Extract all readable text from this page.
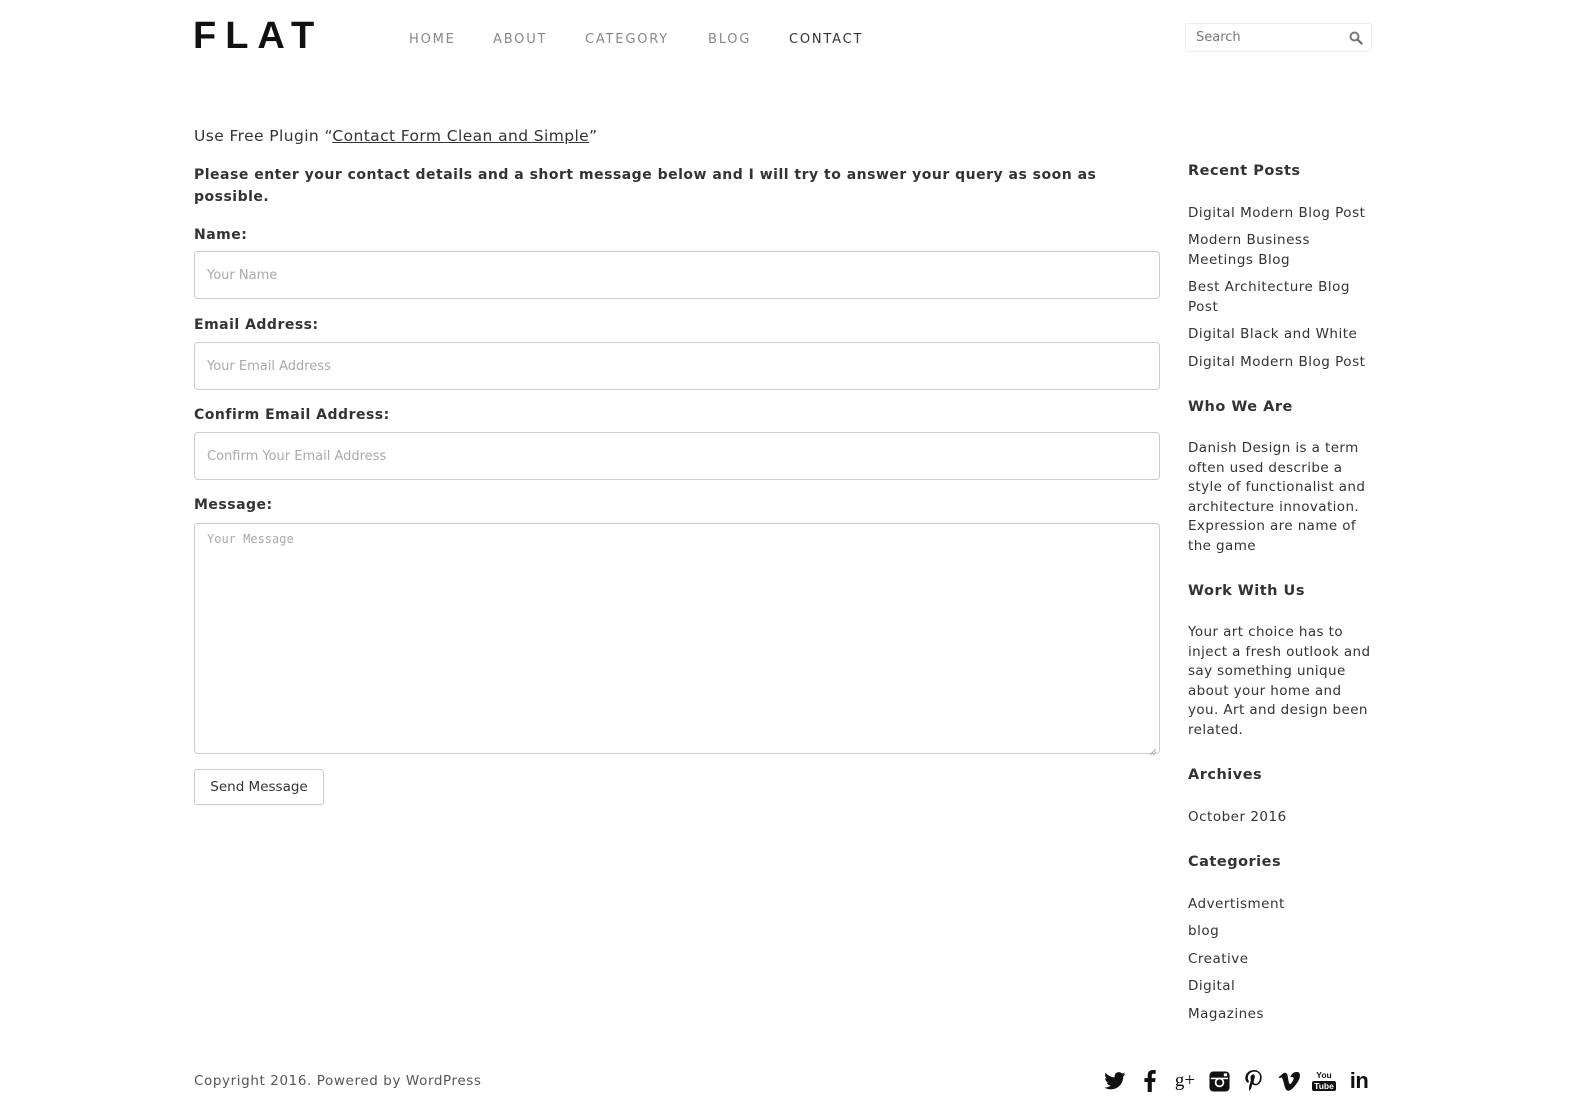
FLAT	HOME	ABOUT	CATEGORY	BLOG	CONTACT
Search
Use Free Plugin “Contact Form Clean and Simple”
Please enter your contact details and a short message below and I will try to answer your query as soon as possible.
Name:
Your Name
Email Address:
Your Email Address
Confirm Email Address:
Confirm Your Email Address
Message:
Your Message
Send Message
Recent Posts
Digital Modern Blog Post
Modern Business Meetings Blog
Best Architecture Blog Post
Digital Black and White
Digital Modern Blog Post
Who We Are
Danish Design is a term often used describe a style of functionalist and architecture innovation. Expression are name of the game
Work With Us
Your art choice has to inject a fresh outlook and say something unique about your home and you. Art and design been related.
Archives
October 2016
Categories
Advertisment
blog
Creative
Digital
Magazines
Copyright 2016. Powered by WordPress	g+	You
Tube in
